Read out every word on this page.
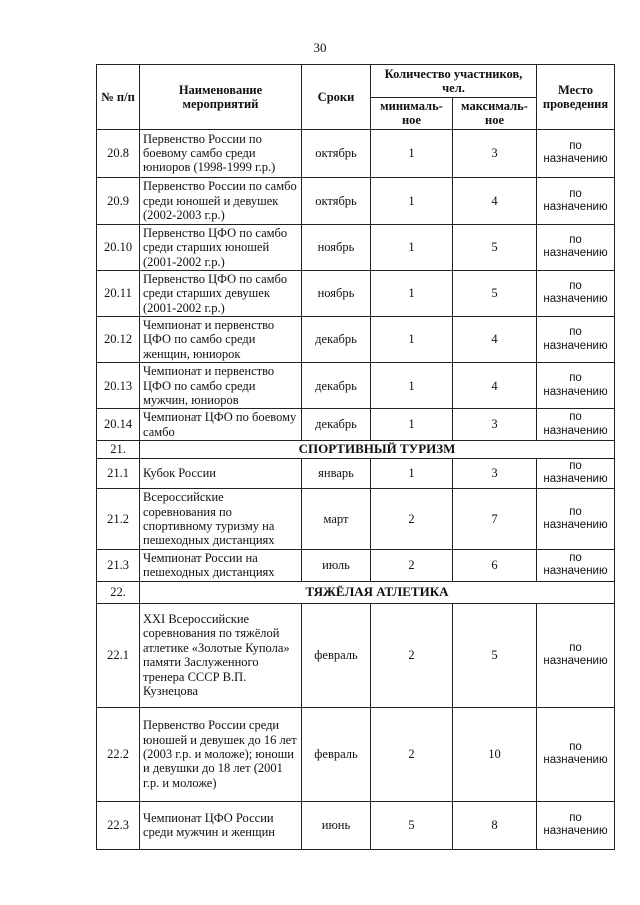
30
№ п/п	Наименование мероприятий	Сроки	Количество участников, чел.		Место проведения
			минималь-ное	максималь-ное	
20.8	Первенство России по боевому самбо среди юниоров (1998-1999 г.р.)	октябрь	1	3	по назначению
20.9	Первенство России по самбо среди юношей и девушек (2002-2003 г.р.)	октябрь	1	4	по назначению
20.10	Первенство ЦФО по самбо среди старших юношей (2001-2002 г.р.)	ноябрь	1	5	по назначению
20.11	Первенство ЦФО по самбо среди старших девушек (2001-2002 г.р.)	ноябрь	1	5	по назначению
20.12	Чемпионат и первенство ЦФО по самбо среди женщин, юниорок	декабрь	1	4	по назначению
20.13	Чемпионат и первенство ЦФО по самбо среди мужчин, юниоров	декабрь	1	4	по назначению
20.14	Чемпионат ЦФО по боевому самбо	декабрь	1	3	по назначению
21.	СПОРТИВНЫЙ ТУРИЗМ				
21.1	Кубок России	январь	1	3	по назначению
21.2	Всероссийские соревнования по спортивному туризму на пешеходных дистанциях	март	2	7	по назначению
21.3	Чемпионат России на пешеходных дистанциях	июль	2	6	по назначению
22.	ТЯЖЁЛАЯ АТЛЕТИКА				
22.1	XXI Всероссийские соревнования по тяжёлой атлетике «Золотые Купола» памяти Заслуженного тренера СССР В.П. Кузнецова	февраль	2	5	по назначению
22.2	Первенство России среди юношей и девушек до 16 лет (2003 г.р. и моложе); юноши и девушки до 18 лет (2001 г.р. и моложе)	февраль	2	10	по назначению
22.3	Чемпионат ЦФО России среди мужчин и женщин	июнь	5	8	по назначению
